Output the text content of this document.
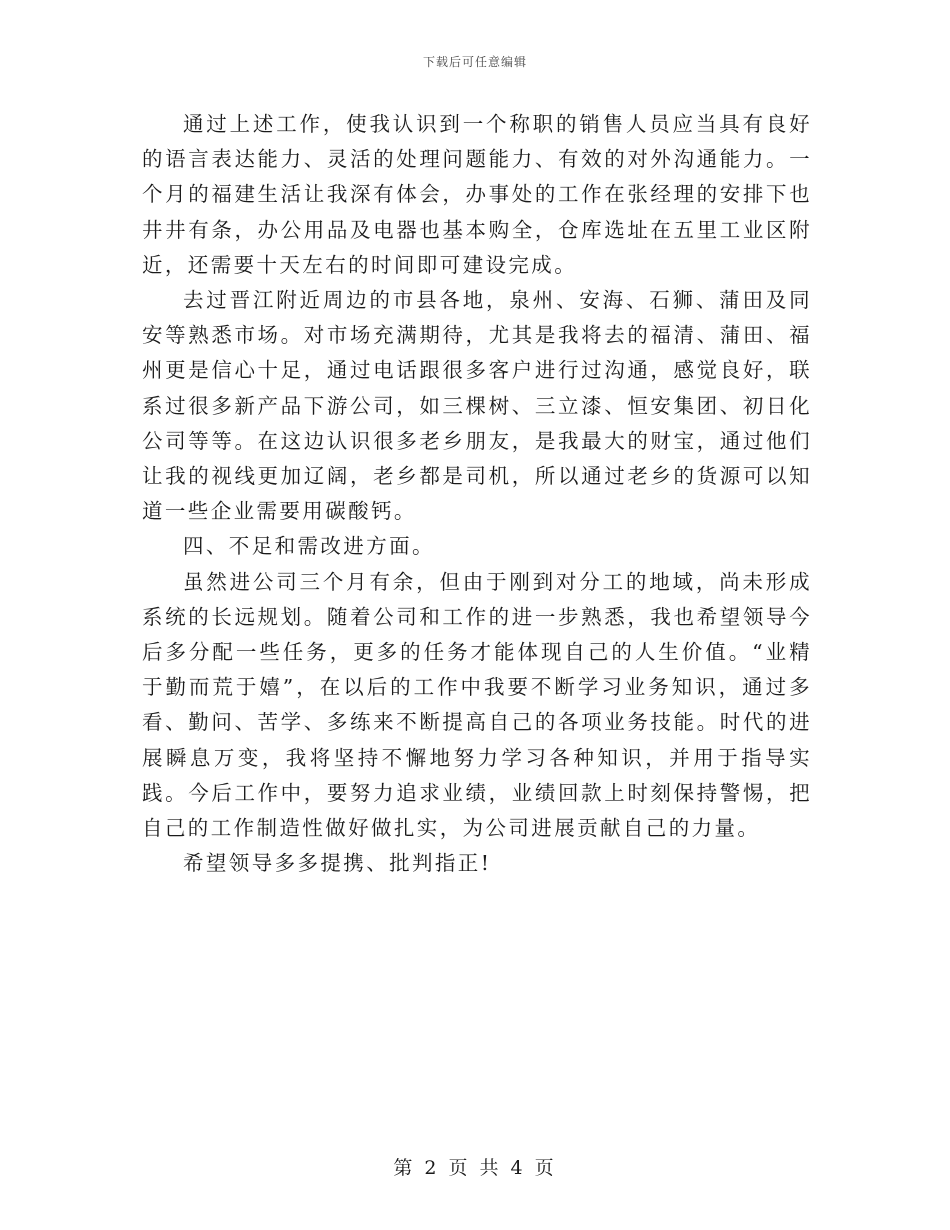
下载后可任意编辑

通过上述工作，使我认识到一个称职的销售人员应当具有良好的语言表达能力、灵活的处理问题能力、有效的对外沟通能力。一个月的福建生活让我深有体会，办事处的工作在张经理的安排下也井井有条，办公用品及电器也基本购全，仓库选址在五里工业区附近，还需要十天左右的时间即可建设完成。

去过晋江附近周边的市县各地，泉州、安海、石狮、蒲田及同安等熟悉市场。对市场充满期待，尤其是我将去的福清、蒲田、福州更是信心十足，通过电话跟很多客户进行过沟通，感觉良好，联系过很多新产品下游公司，如三棵树、三立漆、恒安集团、初日化公司等等。在这边认识很多老乡朋友，是我最大的财宝，通过他们让我的视线更加辽阔，老乡都是司机，所以通过老乡的货源可以知道一些企业需要用碳酸钙。

四、不足和需改进方面。

虽然进公司三个月有余，但由于刚到对分工的地域，尚未形成系统的长远规划。随着公司和工作的进一步熟悉，我也希望领导今后多分配一些任务，更多的任务才能体现自己的人生价值。“业精于勤而荒于嬉”，在以后的工作中我要不断学习业务知识，通过多看、勤问、苦学、多练来不断提高自己的各项业务技能。时代的进展瞬息万变，我将坚持不懈地努力学习各种知识，并用于指导实践。今后工作中，要努力追求业绩，业绩回款上时刻保持警惕，把自己的工作制造性做好做扎实，为公司进展贡献自己的力量。

希望领导多多提携、批判指正!

第 2 页 共 4 页
